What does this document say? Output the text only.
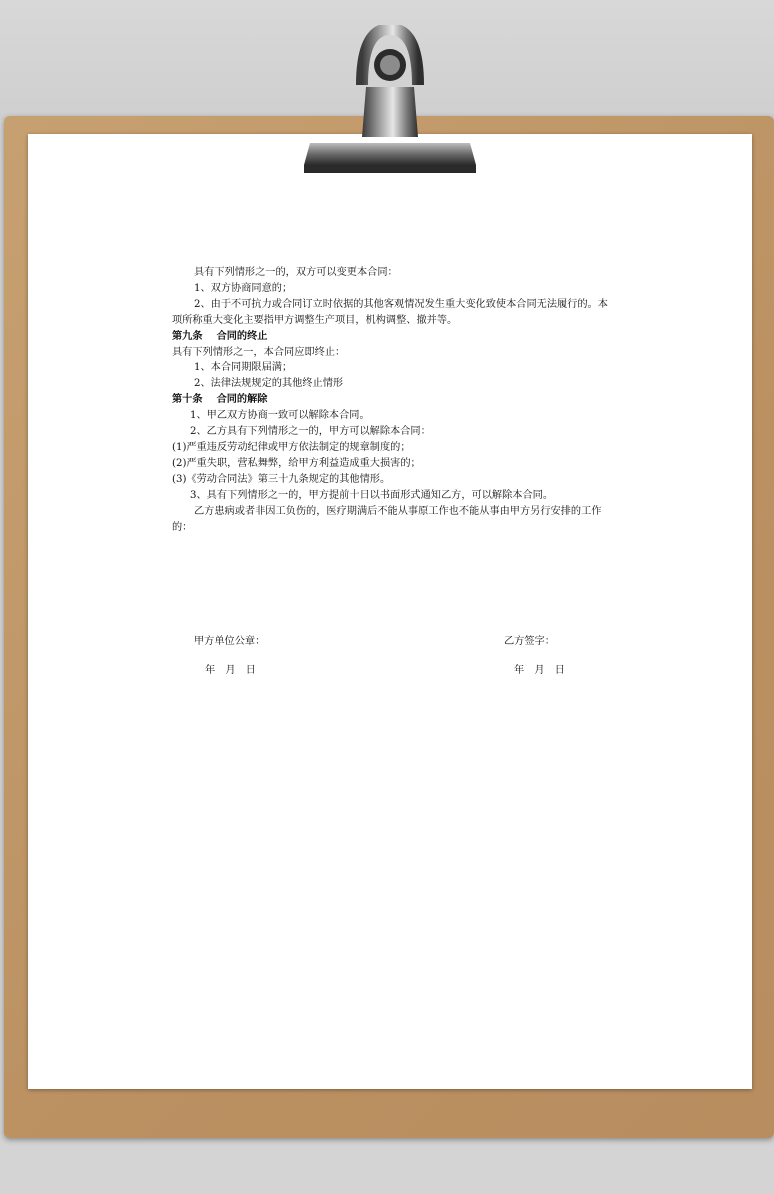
具有下列情形之一的，双方可以变更本合同：

1、双方协商同意的；

2、由于不可抗力或合同订立时依据的其他客观情况发生重大变化致使本合同无法履行的。本项所称重大变化主要指甲方调整生产项目，机构调整、撤并等。

第九条 合同的终止

具有下列情形之一，本合同应即终止：

1、本合同期限届满；

2、法律法规规定的其他终止情形

第十条 合同的解除

1、甲乙双方协商一致可以解除本合同。

2、乙方具有下列情形之一的，甲方可以解除本合同：

(1)严重违反劳动纪律或甲方依法制定的规章制度的；

(2)严重失职，营私舞弊，给甲方利益造成重大损害的；

(3)《劳动合同法》第三十九条规定的其他情形。

3、具有下列情形之一的，甲方提前十日以书面形式通知乙方，可以解除本合同。

乙方患病或者非因工负伤的，医疗期满后不能从事原工作也不能从事由甲方另行安排的工作的：

甲方单位公章：	乙方签字：
年　月　日	年　月　日
